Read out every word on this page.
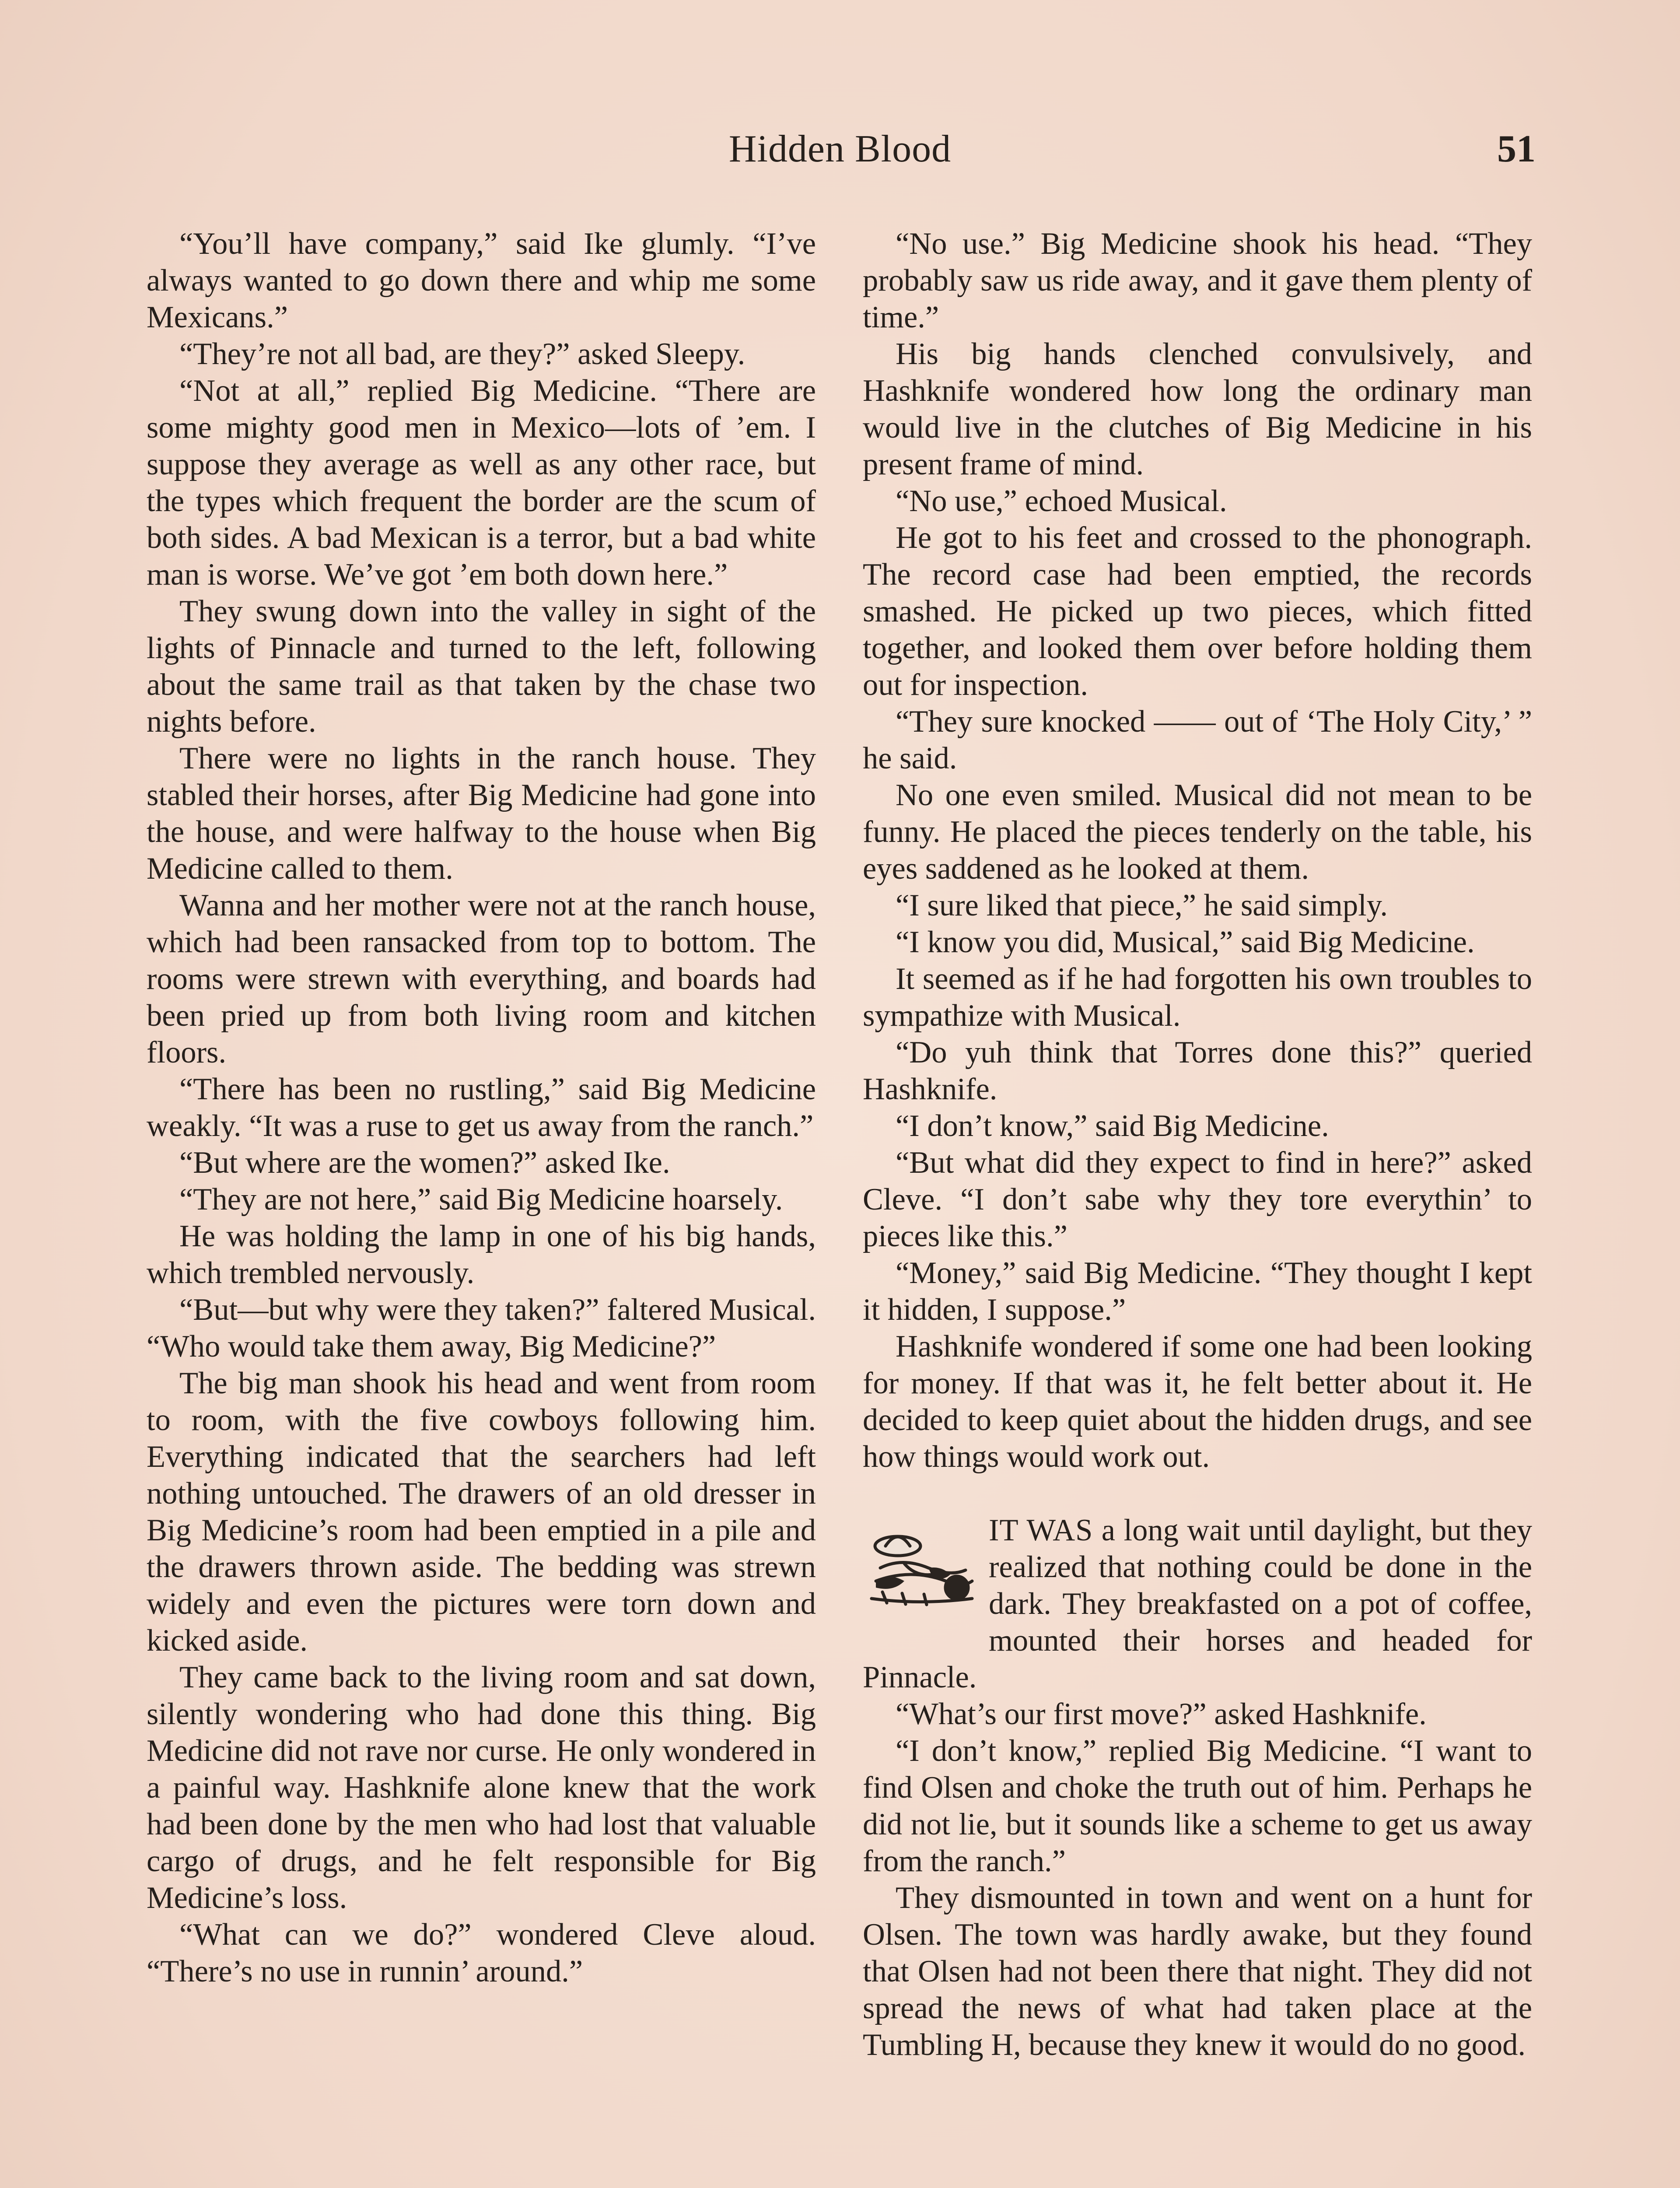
Hidden Blood	51

“You’ll have company,” said Ike glumly. “I’ve always wanted to go down there and whip me some Mexicans.”

“They’re not all bad, are they?” asked Sleepy.

“Not at all,” replied Big Medicine. “There are some mighty good men in Mexico—lots of ’em. I suppose they average as well as any other race, but the types which frequent the border are the scum of both sides. A bad Mexican is a terror, but a bad white man is worse. We’ve got ’em both down here.”

They swung down into the valley in sight of the lights of Pinnacle and turned to the left, following about the same trail as that taken by the chase two nights before.

There were no lights in the ranch house. They stabled their horses, after Big Medicine had gone into the house, and were halfway to the house when Big Medicine called to them.

Wanna and her mother were not at the ranch house, which had been ransacked from top to bottom. The rooms were strewn with everything, and boards had been pried up from both living room and kitchen floors.

“There has been no rustling,” said Big Medicine weakly. “It was a ruse to get us away from the ranch.”

“But where are the women?” asked Ike.

“They are not here,” said Big Medicine hoarsely.

He was holding the lamp in one of his big hands, which trembled nervously.

“But—but why were they taken?” faltered Musical. “Who would take them away, Big Medicine?”

The big man shook his head and went from room to room, with the five cowboys following him. Everything indicated that the searchers had left nothing untouched. The drawers of an old dresser in Big Medicine’s room had been emptied in a pile and the drawers thrown aside. The bedding was strewn widely and even the pictures were torn down and kicked aside.

They came back to the living room and sat down, silently wondering who had done this thing. Big Medicine did not rave nor curse. He only wondered in a painful way. Hashknife alone knew that the work had been done by the men who had lost that valuable cargo of drugs, and he felt responsible for Big Medicine’s loss.

“What can we do?” wondered Cleve aloud. “There’s no use in runnin’ around.”

“No use.” Big Medicine shook his head. “They probably saw us ride away, and it gave them plenty of time.”

His big hands clenched convulsively, and Hashknife wondered how long the ordinary man would live in the clutches of Big Medicine in his present frame of mind.

“No use,” echoed Musical.

He got to his feet and crossed to the phonograph. The record case had been emptied, the records smashed. He picked up two pieces, which fitted together, and looked them over before holding them out for inspection.

“They sure knocked —— out of ‘The Holy City,’ ” he said.

No one even smiled. Musical did not mean to be funny. He placed the pieces tenderly on the table, his eyes saddened as he looked at them.

“I sure liked that piece,” he said simply.

“I know you did, Musical,” said Big Medicine.

It seemed as if he had forgotten his own troubles to sympathize with Musical.

“Do yuh think that Torres done this?” queried Hashknife.

“I don’t know,” said Big Medicine.

“But what did they expect to find in here?” asked Cleve. “I don’t sabe why they tore everythin’ to pieces like this.”

“Money,” said Big Medicine. “They thought I kept it hidden, I suppose.”

Hashknife wondered if some one had been looking for money. If that was it, he felt better about it. He decided to keep quiet about the hidden drugs, and see how things would work out.

IT WAS a long wait until daylight, but they realized that nothing could be done in the dark. They breakfasted on a pot of coffee, mounted their horses and headed for Pinnacle.

“What’s our first move?” asked Hashknife.

“I don’t know,” replied Big Medicine. “I want to find Olsen and choke the truth out of him. Perhaps he did not lie, but it sounds like a scheme to get us away from the ranch.”

They dismounted in town and went on a hunt for Olsen. The town was hardly awake, but they found that Olsen had not been there that night. They did not spread the news of what had taken place at the Tumbling H, because they knew it would do no good.
